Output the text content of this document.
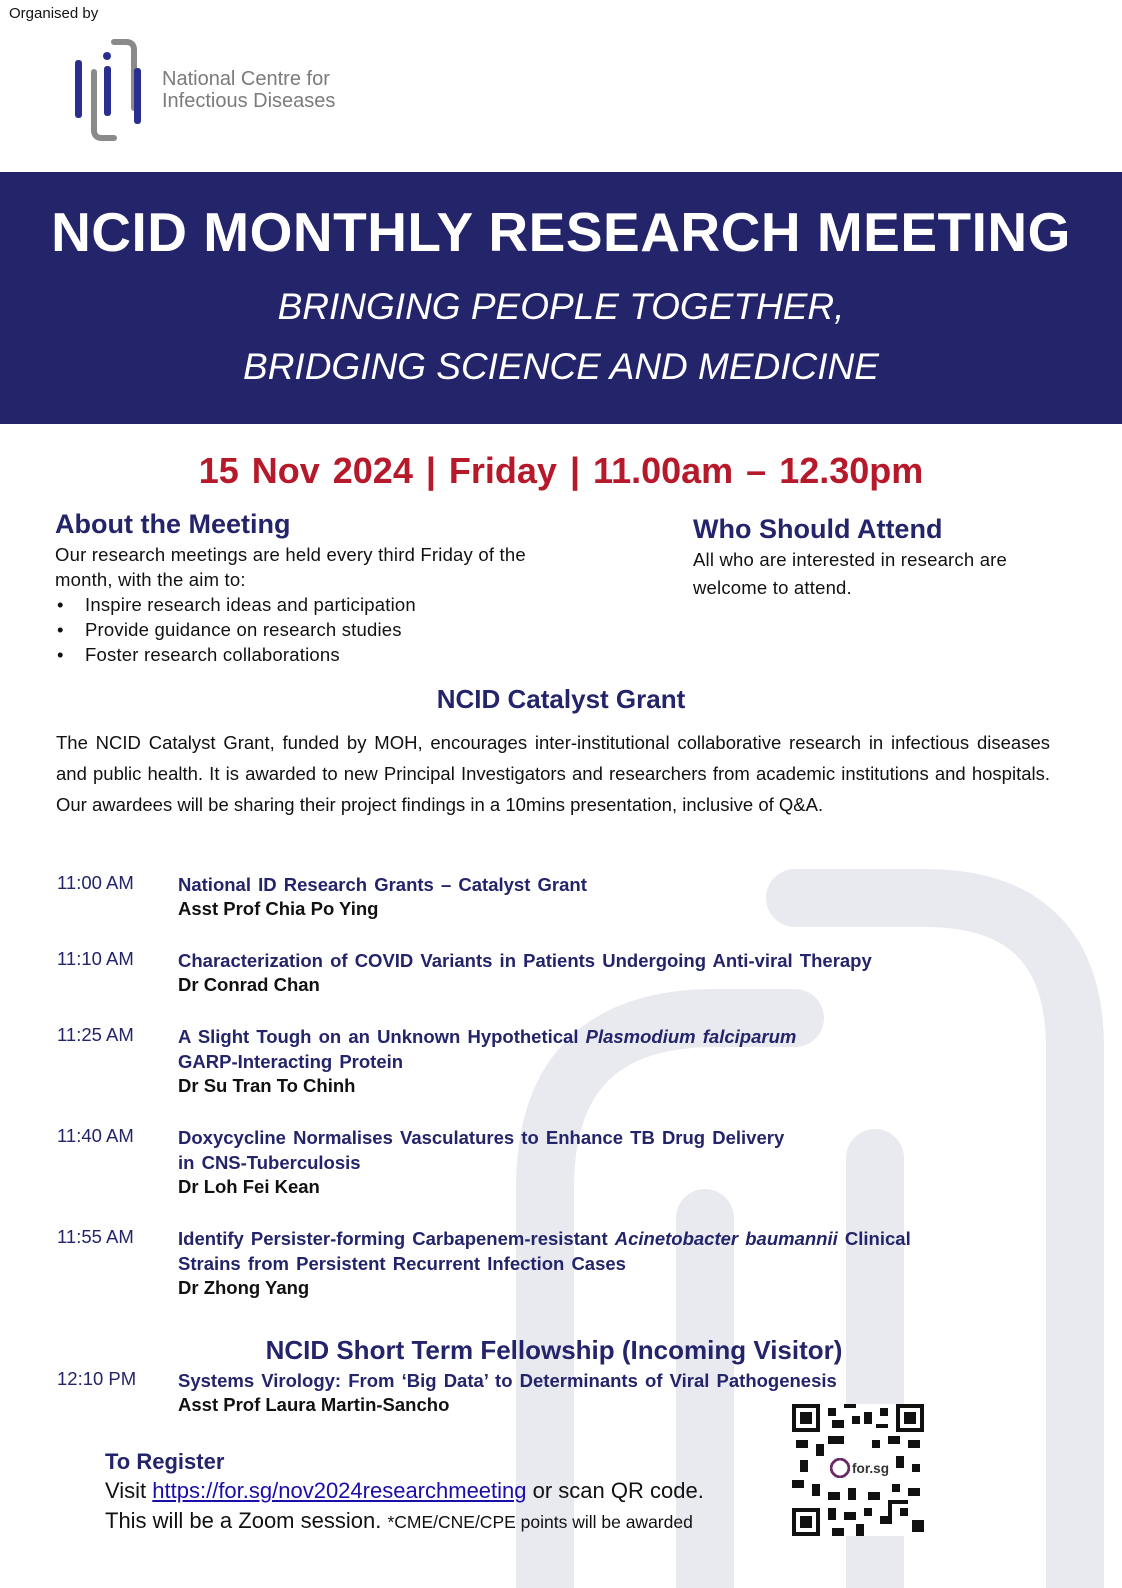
Organised by
National Centre for
Infectious Diseases
NCID MONTHLY RESEARCH MEETING
BRINGING PEOPLE TOGETHER,
BRIDGING SCIENCE AND MEDICINE
15 Nov 2024 | Friday | 11.00am – 12.30pm
About the Meeting
Our research meetings are held every third Friday of the month, with the aim to:
• Inspire research ideas and participation
• Provide guidance on research studies
• Foster research collaborations
Who Should Attend
All who are interested in research are welcome to attend.
NCID Catalyst Grant
The NCID Catalyst Grant, funded by MOH, encourages inter-institutional collaborative research in infectious diseases and public health. It is awarded to new Principal Investigators and researchers from academic institutions and hospitals. Our awardees will be sharing their project findings in a 10mins presentation, inclusive of Q&A.
11:00 AM	National ID Research Grants – Catalyst Grant
Asst Prof Chia Po Ying
11:10 AM	Characterization of COVID Variants in Patients Undergoing Anti-viral Therapy
Dr Conrad Chan
11:25 AM	A Slight Tough on an Unknown Hypothetical Plasmodium falciparum
GARP-Interacting Protein
Dr Su Tran To Chinh
11:40 AM	Doxycycline Normalises Vasculatures to Enhance TB Drug Delivery
in CNS-Tuberculosis
Dr Loh Fei Kean
11:55 AM	Identify Persister-forming Carbapenem-resistant Acinetobacter baumannii Clinical
Strains from Persistent Recurrent Infection Cases
Dr Zhong Yang
NCID Short Term Fellowship (Incoming Visitor)
12:10 PM	Systems Virology: From ‘Big Data’ to Determinants of Viral Pathogenesis
Asst Prof Laura Martin-Sancho
To Register
Visit https://for.sg/nov2024researchmeeting or scan QR code.
This will be a Zoom session. *CME/CNE/CPE points will be awarded
for.sg
